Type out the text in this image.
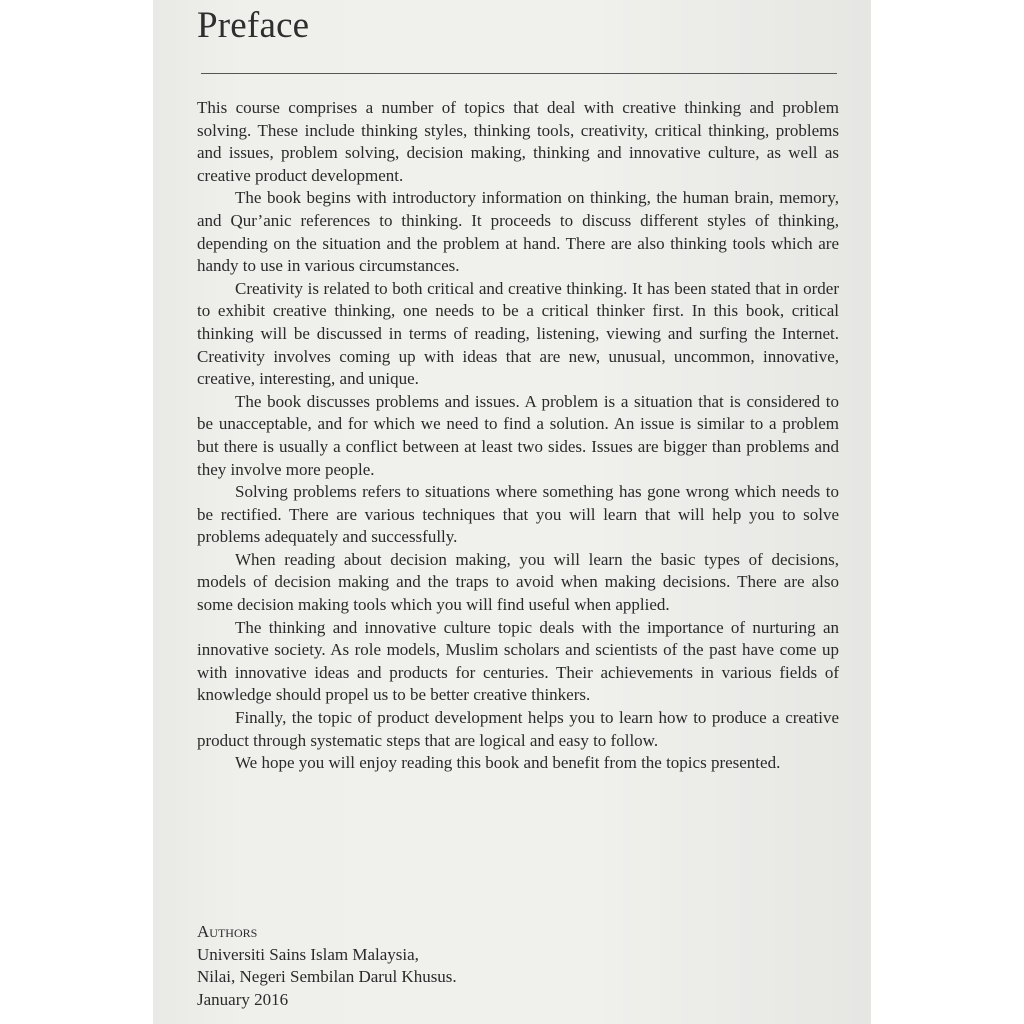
Preface

This course comprises a number of topics that deal with creative thinking and problem solving. These include thinking styles, thinking tools, creativity, critical thinking, problems and issues, problem solving, decision making, thinking and innovative culture, as well as creative product development.

The book begins with introductory information on thinking, the human brain, memory, and Qur’anic references to thinking. It proceeds to discuss different styles of thinking, depending on the situation and the problem at hand. There are also thinking tools which are handy to use in various circumstances.

Creativity is related to both critical and creative thinking. It has been stated that in order to exhibit creative thinking, one needs to be a critical thinker first. In this book, critical thinking will be discussed in terms of reading, listening, viewing and surfing the Internet. Creativity involves coming up with ideas that are new, unusual, uncommon, innovative, creative, interesting, and unique.

The book discusses problems and issues. A problem is a situation that is considered to be unacceptable, and for which we need to find a solution. An issue is similar to a problem but there is usually a conflict between at least two sides. Issues are bigger than problems and they involve more people.

Solving problems refers to situations where something has gone wrong which needs to be rectified. There are various techniques that you will learn that will help you to solve problems adequately and successfully.

When reading about decision making, you will learn the basic types of decisions, models of decision making and the traps to avoid when making decisions. There are also some decision making tools which you will find useful when applied.

The thinking and innovative culture topic deals with the importance of nurturing an innovative society. As role models, Muslim scholars and scientists of the past have come up with innovative ideas and products for centuries. Their achievements in various fields of knowledge should propel us to be better creative thinkers.

Finally, the topic of product development helps you to learn how to produce a creative product through systematic steps that are logical and easy to follow.

We hope you will enjoy reading this book and benefit from the topics presented.

Authors
Universiti Sains Islam Malaysia,
Nilai, Negeri Sembilan Darul Khusus.
January 2016
